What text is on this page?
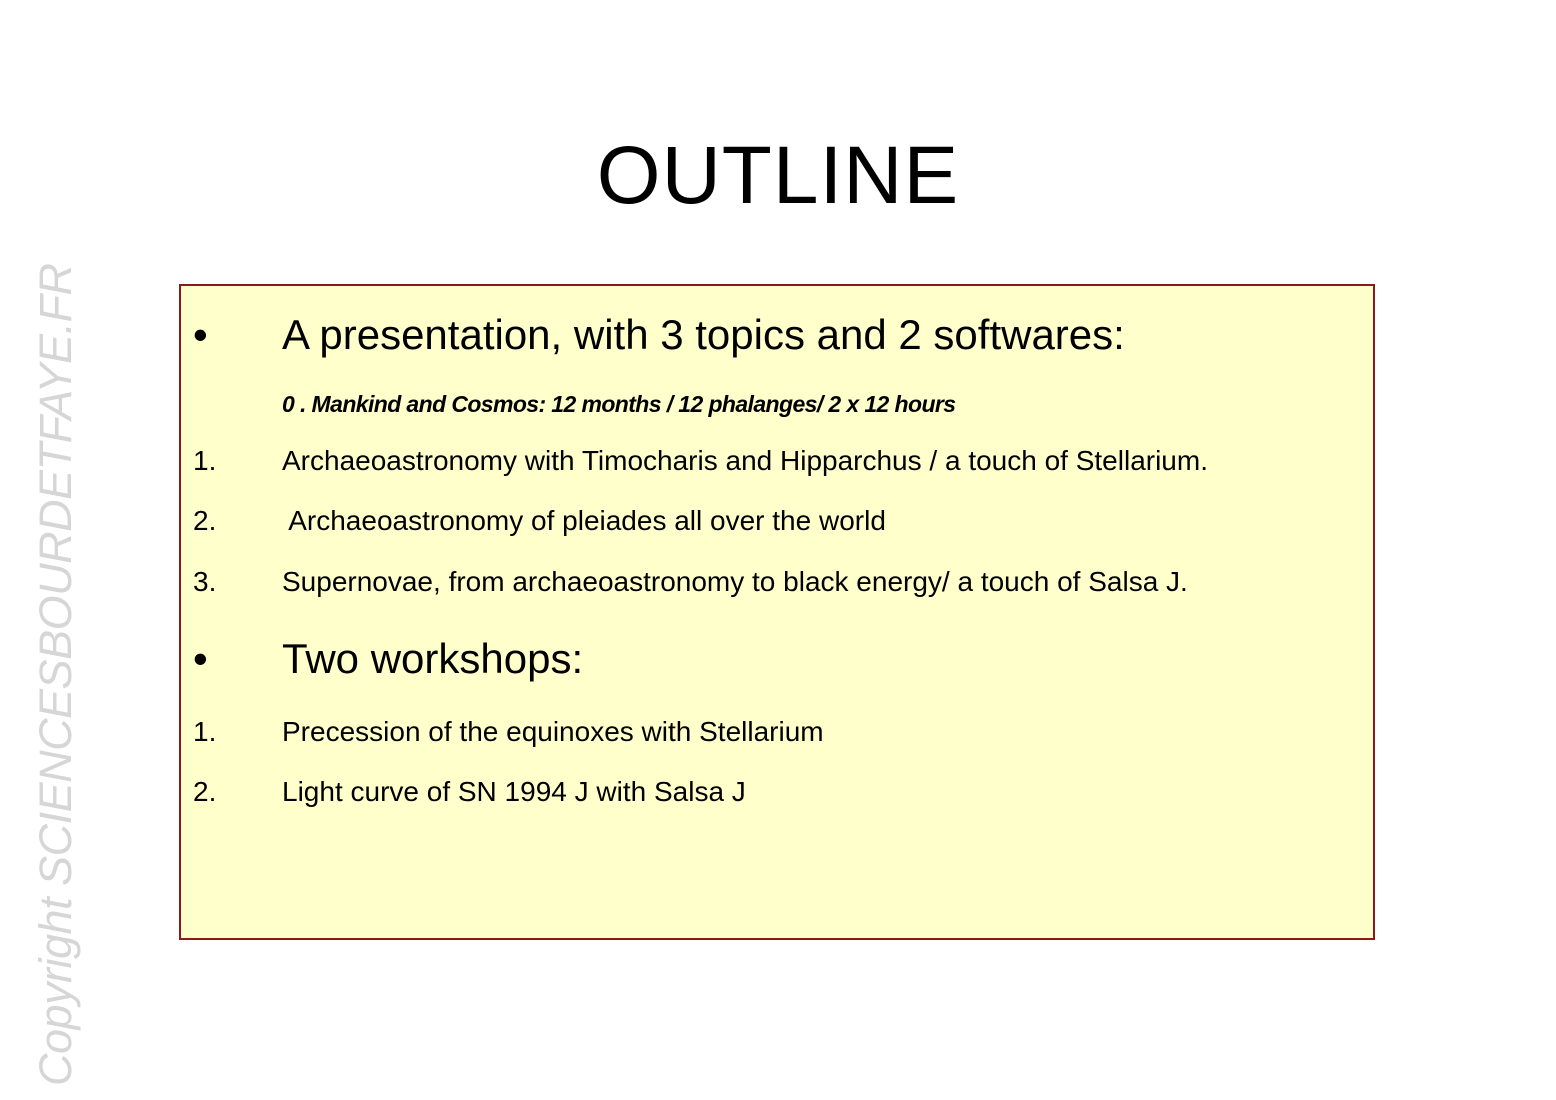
OUTLINE
• A presentation, with 3 topics and 2 softwares:
0 . Mankind and Cosmos: 12 months / 12 phalanges/ 2 x 12 hours
1. Archaeoastronomy with Timocharis and Hipparchus / a touch of Stellarium.
2. Archaeoastronomy of pleiades all over the world
3. Supernovae, from archaeoastronomy to black energy/ a touch of Salsa J.
• Two workshops:
1. Precession of the equinoxes with Stellarium
2. Light curve of SN 1994 J with Salsa J
Copyright SCIENCESBOURDETFAYE.FR
